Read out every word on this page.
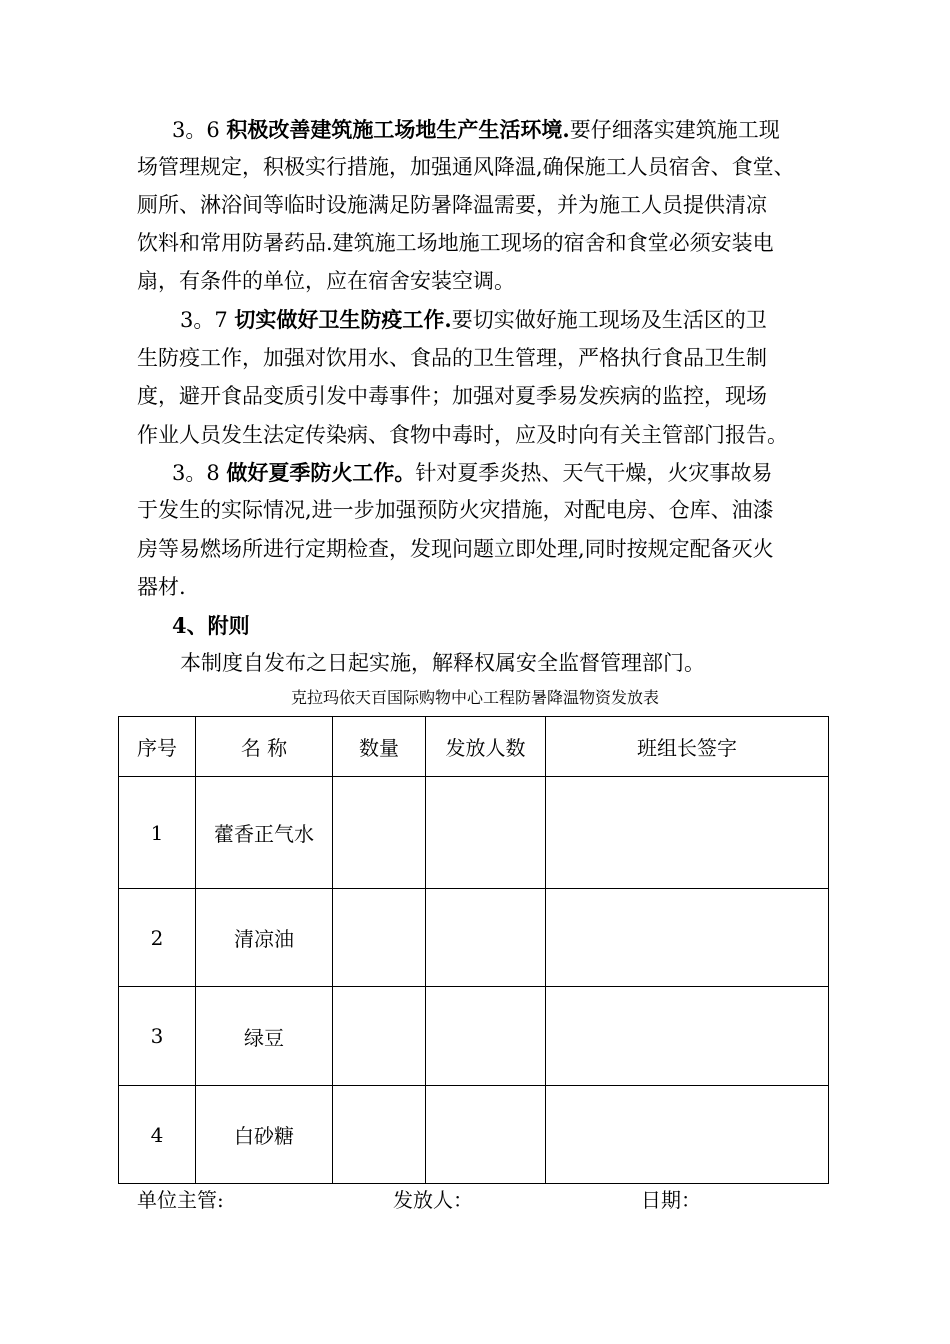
3。6 积极改善建筑施工场地生产生活环境.要仔细落实建筑施工现
场管理规定，积极实行措施，加强通风降温,确保施工人员宿舍、食堂、
厕所、淋浴间等临时设施满足防暑降温需要，并为施工人员提供清凉
饮料和常用防暑药品.建筑施工场地施工现场的宿舍和食堂必须安装电
扇，有条件的单位，应在宿舍安装空调。
3。7 切实做好卫生防疫工作.要切实做好施工现场及生活区的卫
生防疫工作，加强对饮用水、食品的卫生管理，严格执行食品卫生制
度，避开食品变质引发中毒事件；加强对夏季易发疾病的监控，现场
作业人员发生法定传染病、食物中毒时，应及时向有关主管部门报告。
3。8 做好夏季防火工作。针对夏季炎热、天气干燥，火灾事故易
于发生的实际情况,进一步加强预防火灾措施，对配电房、仓库、油漆
房等易燃场所进行定期检查，发现问题立即处理,同时按规定配备灭火
器材.
4、附则
本制度自发布之日起实施，解释权属安全监督管理部门。
克拉玛依天百国际购物中心工程防暑降温物资发放表
序号	名 称	数量	发放人数	班组长签字
1	藿香正气水			
2	清凉油			
3	绿豆			
4	白砂糖			
单位主管:	发放人：	日期：
